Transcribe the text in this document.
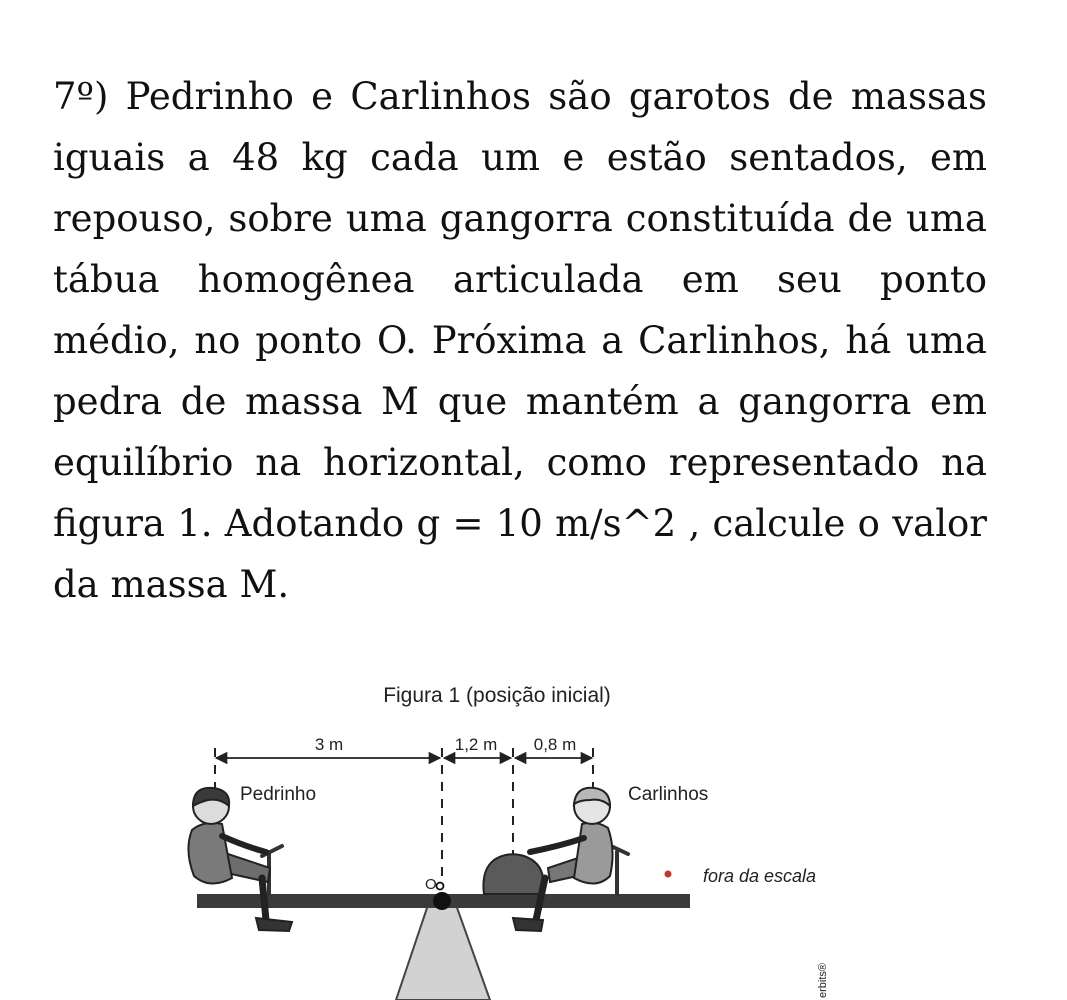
7º) Pedrinho e Carlinhos são garotos de massas iguais a 48 kg cada um e estão sentados, em repouso, sobre uma gangorra constituída de uma tábua homogênea articulada em seu ponto médio, no ponto O. Próxima a Carlinhos, há uma pedra de massa M que mantém a gangorra em equilíbrio na horizontal, como representado na figura 1. Adotando g = 10 m/s^2 , calcule o valor da massa M.

Figura 1 (posição inicial)
3 m	1,2 m 0,8 m
Pedrinho	Carlinhos
O	fora da escala
erbits®
